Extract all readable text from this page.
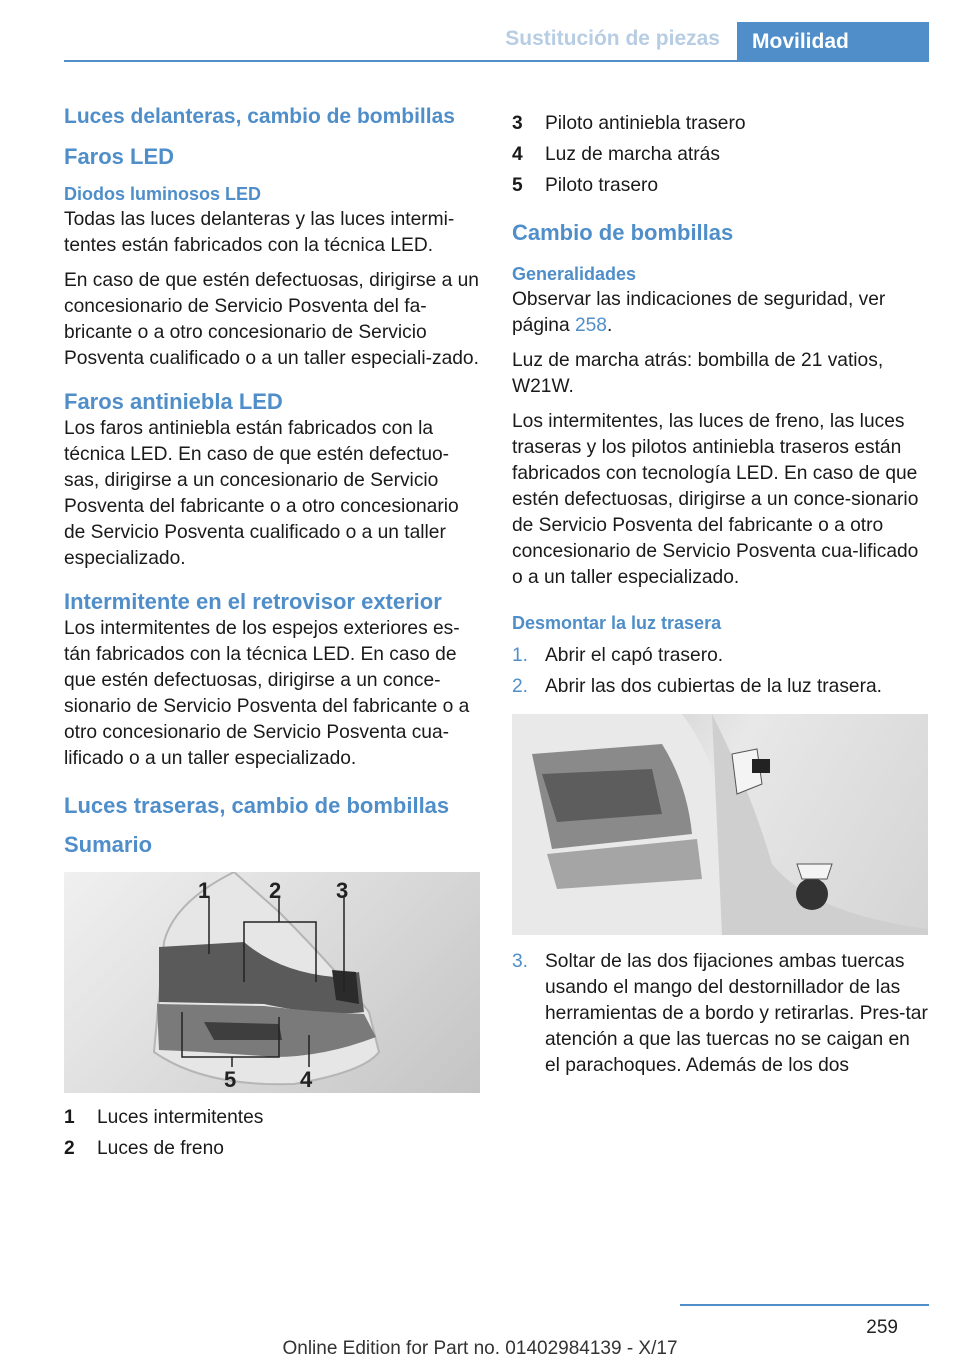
Sustitución de piezas	Movilidad
Luces delanteras, cambio de bombillas
Faros LED
Diodos luminosos LED

Todas las luces delanteras y las luces intermi-tentes están fabricados con la técnica LED.

En caso de que estén defectuosas, dirigirse a un concesionario de Servicio Posventa del fa-bricante o a otro concesionario de Servicio Posventa cualificado o a un taller especiali-zado.

Faros antiniebla LED

Los faros antiniebla están fabricados con la técnica LED. En caso de que estén defectuo-sas, dirigirse a un concesionario de Servicio Posventa del fabricante o a otro concesionario de Servicio Posventa cualificado o a un taller especializado.

Intermitente en el retrovisor exterior

Los intermitentes de los espejos exteriores es-tán fabricados con la técnica LED. En caso de que estén defectuosas, dirigirse a un conce-sionario de Servicio Posventa del fabricante o a otro concesionario de Servicio Posventa cua-lificado o a un taller especializado.

Luces traseras, cambio de bombillas
Sumario
1	2 3
5	4
1	Luces intermitentes
2	Luces de freno
3	Piloto antiniebla trasero
4	Luz de marcha atrás
5	Piloto trasero
Cambio de bombillas
Generalidades

Observar las indicaciones de seguridad, ver página 258.

Luz de marcha atrás: bombilla de 21 vatios, W21W.

Los intermitentes, las luces de freno, las luces traseras y los pilotos antiniebla traseros están fabricados con tecnología LED. En caso de que estén defectuosas, dirigirse a un conce-sionario de Servicio Posventa del fabricante o a otro concesionario de Servicio Posventa cua-lificado o a un taller especializado.

Desmontar la luz trasera
1. Abrir el capó trasero.
2. Abrir las dos cubiertas de la luz trasera.
3. Soltar de las dos fijaciones ambas tuercas usando el mango del destornillador de las herramientas de a bordo y retirarlas. Pres-tar atención a que las tuercas no se caigan en el parachoques. Además de los dos
259
Online Edition for Part no. 01402984139 - X/17
